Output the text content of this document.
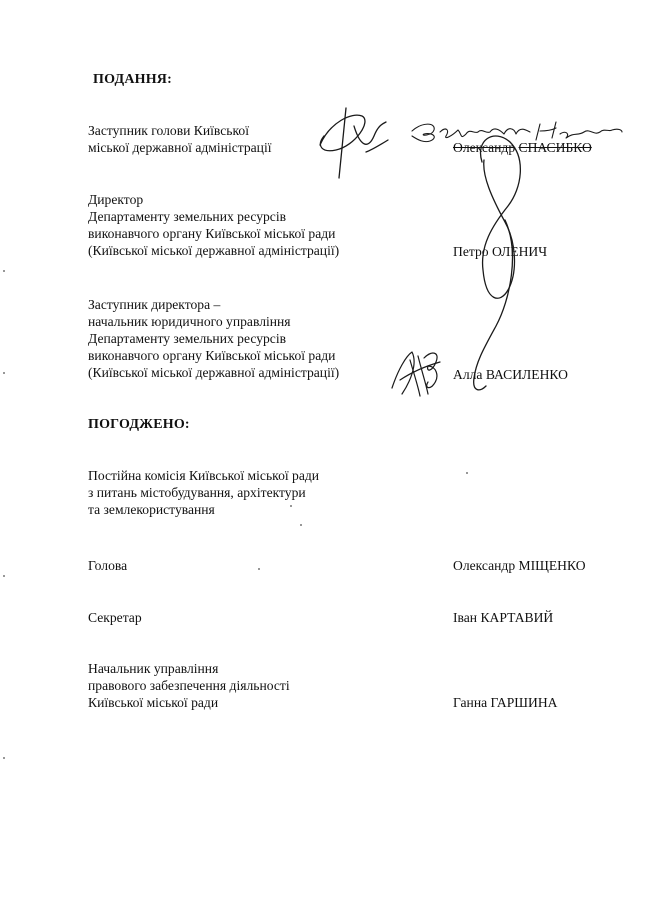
ПОДАННЯ:
Заступник голови Київської
міської державної адміністрації	Олександр СПАСИБКО
Директор
Департаменту земельних ресурсів
виконавчого органу Київської міської ради
(Київської міської державної адміністрації)	Петро ОЛЕНИЧ
Заступник директора –
начальник юридичного управління
Департаменту земельних ресурсів
виконавчого органу Київської міської ради
(Київської міської державної адміністрації)	Алла ВАСИЛЕНКО
ПОГОДЖЕНО:
Постійна комісія Київської міської ради
з питань містобудування, архітектури
та землекористування
Голова	Олександр МІЩЕНКО
Секретар	Іван КАРТАВИЙ
Начальник управління
правового забезпечення діяльності
Київської міської ради	Ганна ГАРШИНА
